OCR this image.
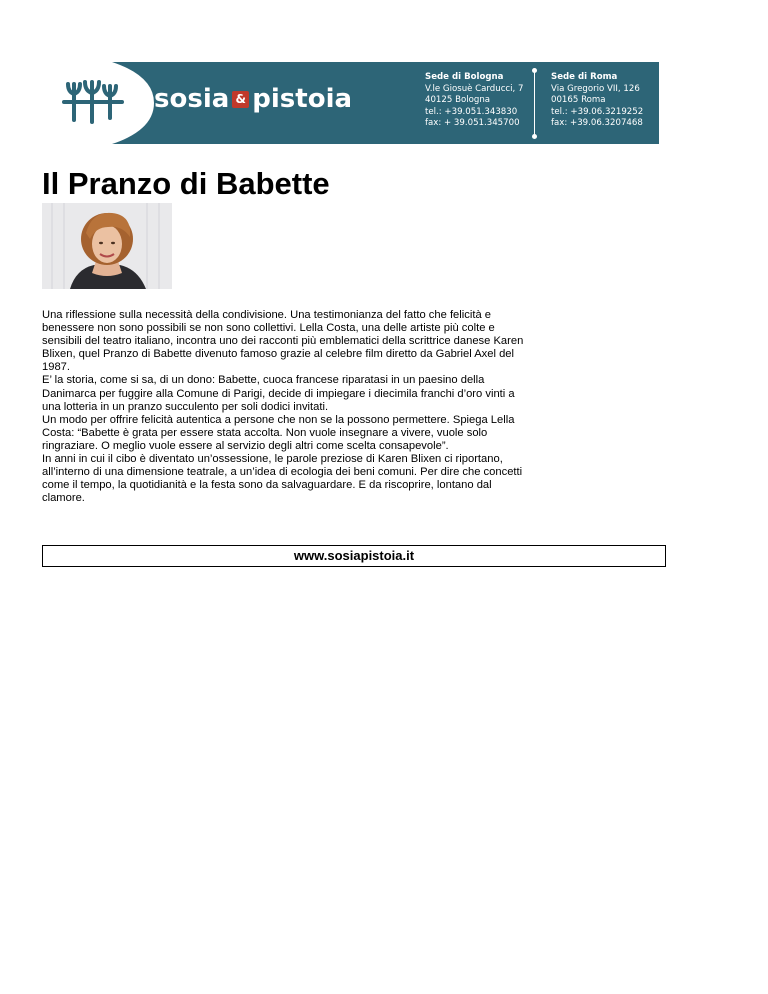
sosia & pistoia
Sede di Bologna
V.le Giosuè Carducci, 7
40125 Bologna
tel.: +39.051.343830
fax: + 39.051.345700
Sede di Roma
Via Gregorio VII, 126
00165 Roma
tel.: +39.06.3219252
fax: +39.06.3207468
Il Pranzo di Babette

Una riflessione sulla necessità della condivisione. Una testimonianza del fatto che felicità e benessere non sono possibili se non sono collettivi. Lella Costa, una delle artiste più colte e sensibili del teatro italiano, incontra uno dei racconti più emblematici della scrittrice danese Karen Blixen, quel Pranzo di Babette divenuto famoso grazie al celebre film diretto da Gabriel Axel del 1987.

E’ la storia, come si sa, di un dono: Babette, cuoca francese riparatasi in un paesino della Danimarca per fuggire alla Comune di Parigi, decide di impiegare i diecimila franchi d’oro vinti a una lotteria in un pranzo succulento per soli dodici invitati.

Un modo per offrire felicità autentica a persone che non se la possono permettere. Spiega Lella Costa: “Babette è grata per essere stata accolta. Non vuole insegnare a vivere, vuole solo ringraziare. O meglio vuole essere al servizio degli altri come scelta consapevole”.

In anni in cui il cibo è diventato un’ossessione, le parole preziose di Karen Blixen ci riportano, all’interno di una dimensione teatrale, a un’idea di ecologia dei beni comuni. Per dire che concetti come il tempo, la quotidianità e la festa sono da salvaguardare. E da riscoprire, lontano dal clamore.

www.sosiapistoia.it
